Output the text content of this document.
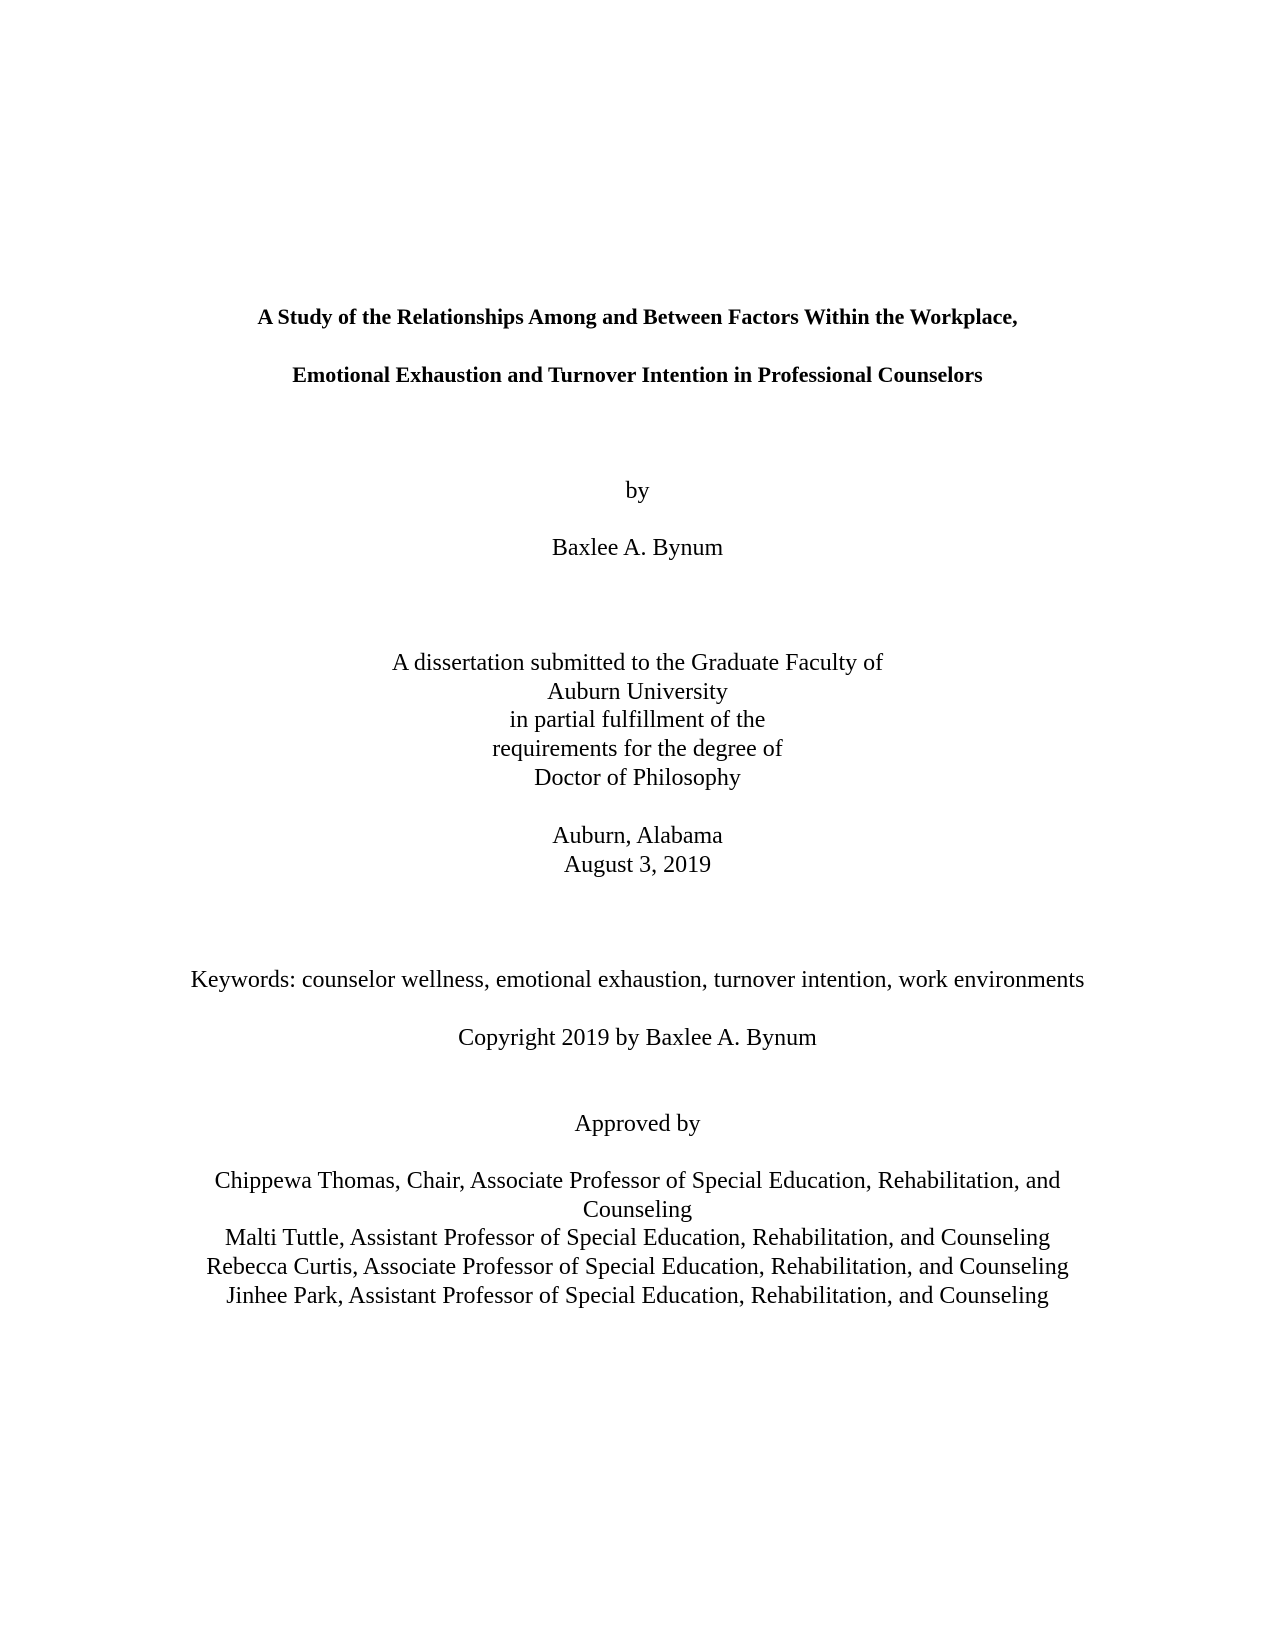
A Study of the Relationships Among and Between Factors Within the Workplace,
Emotional Exhaustion and Turnover Intention in Professional Counselors
by
Baxlee A. Bynum
A dissertation submitted to the Graduate Faculty of
Auburn University
in partial fulfillment of the
requirements for the degree of
Doctor of Philosophy
Auburn, Alabama
August 3, 2019
Keywords: counselor wellness, emotional exhaustion, turnover intention, work environments
Copyright 2019 by Baxlee A. Bynum
Approved by
Chippewa Thomas, Chair, Associate Professor of Special Education, Rehabilitation, and
Counseling
Malti Tuttle, Assistant Professor of Special Education, Rehabilitation, and Counseling
Rebecca Curtis, Associate Professor of Special Education, Rehabilitation, and Counseling
Jinhee Park, Assistant Professor of Special Education, Rehabilitation, and Counseling
